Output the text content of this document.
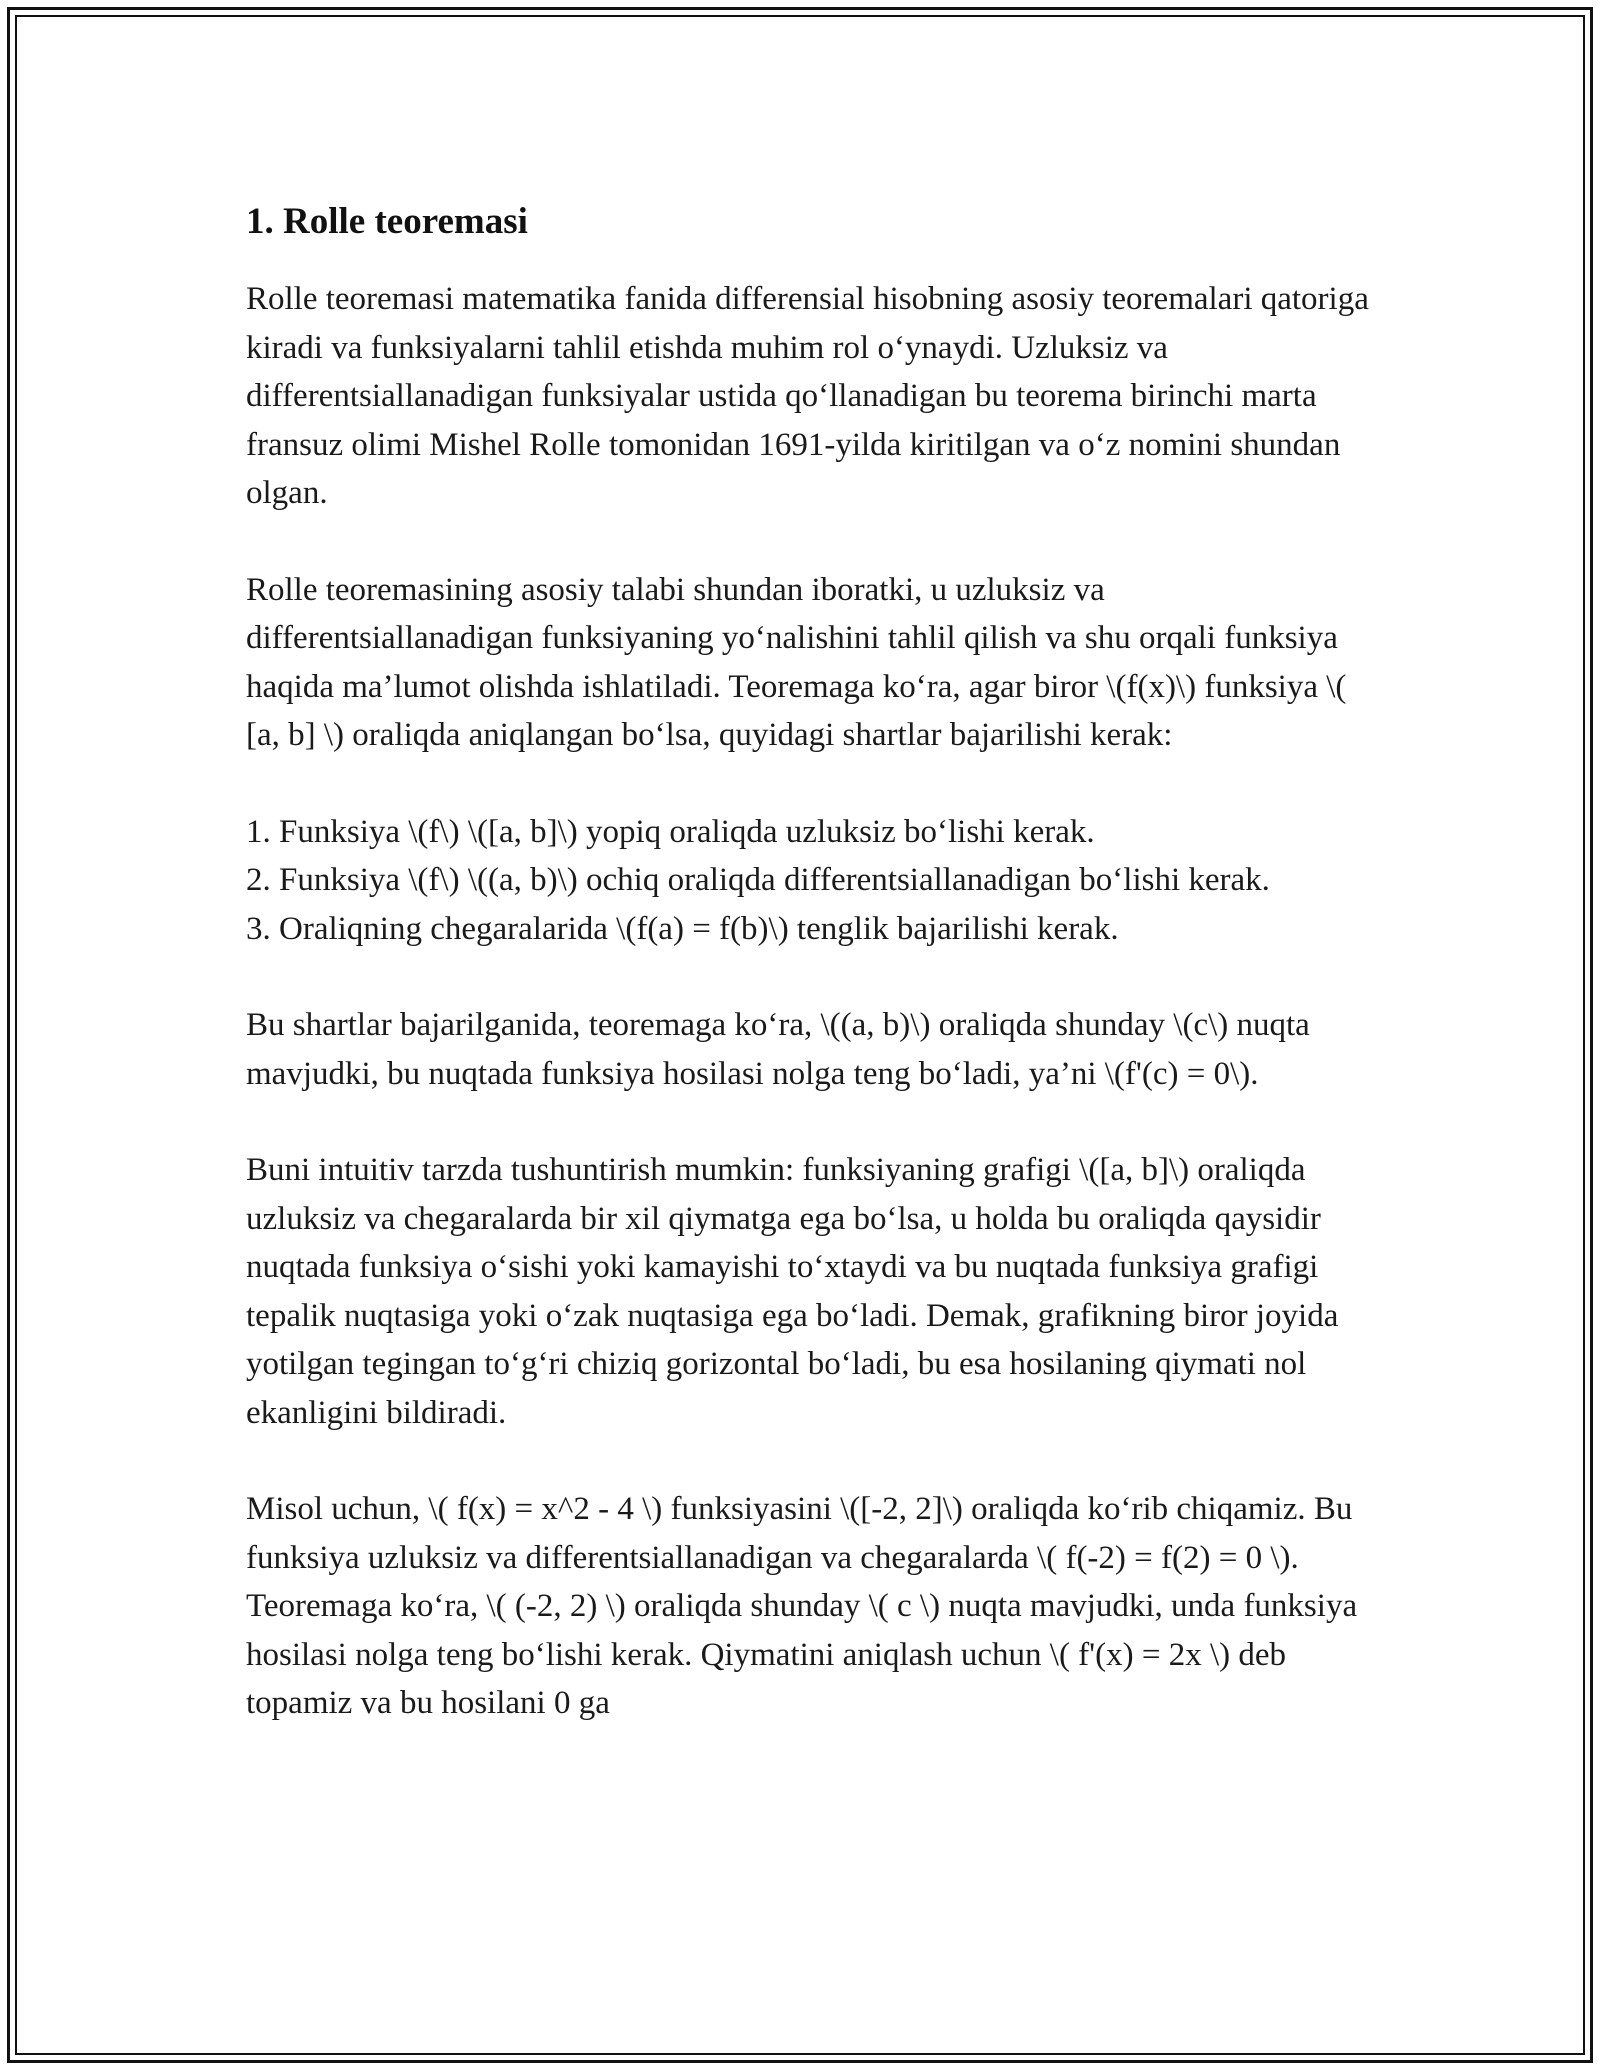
1. Rolle teoremasi

Rolle teoremasi matematika fanida differensial hisobning asosiy teoremalari qatoriga kiradi va funksiyalarni tahlil etishda muhim rol o‘ynaydi. Uzluksiz va differentsiallanadigan funksiyalar ustida qo‘llanadigan bu teorema birinchi marta fransuz olimi Mishel Rolle tomonidan 1691-yilda kiritilgan va o‘z nomini shundan olgan.

Rolle teoremasining asosiy talabi shundan iboratki, u uzluksiz va differentsiallanadigan funksiyaning yo‘nalishini tahlil qilish va shu orqali funksiya haqida ma’lumot olishda ishlatiladi. Teoremaga ko‘ra, agar biror \(f(x)\) funksiya \( [a, b] \) oraliqda aniqlangan bo‘lsa, quyidagi shartlar bajarilishi kerak:

1. Funksiya \(f\) \([a, b]\) yopiq oraliqda uzluksiz bo‘lishi kerak.
2. Funksiya \(f\) \((a, b)\) ochiq oraliqda differentsiallanadigan bo‘lishi kerak.
3. Oraliqning chegaralarida \(f(a) = f(b)\) tenglik bajarilishi kerak.

Bu shartlar bajarilganida, teoremaga ko‘ra, \((a, b)\) oraliqda shunday \(c\) nuqta mavjudki, bu nuqtada funksiya hosilasi nolga teng bo‘ladi, ya’ni \(f'(c) = 0\).

Buni intuitiv tarzda tushuntirish mumkin: funksiyaning grafigi \([a, b]\) oraliqda uzluksiz va chegaralarda bir xil qiymatga ega bo‘lsa, u holda bu oraliqda qaysidir nuqtada funksiya o‘sishi yoki kamayishi to‘xtaydi va bu nuqtada funksiya grafigi tepalik nuqtasiga yoki o‘zak nuqtasiga ega bo‘ladi. Demak, grafikning biror joyida yotilgan tegingan to‘g‘ri chiziq gorizontal bo‘ladi, bu esa hosilaning qiymati nol ekanligini bildiradi.

Misol uchun, \( f(x) = x^2 - 4 \) funksiyasini \([-2, 2]\) oraliqda ko‘rib chiqamiz. Bu funksiya uzluksiz va differentsiallanadigan va chegaralarda \( f(-2) = f(2) = 0 \). Teoremaga ko‘ra, \( (-2, 2) \) oraliqda shunday \( c \) nuqta mavjudki, unda funksiya hosilasi nolga teng bo‘lishi kerak. Qiymatini aniqlash uchun \( f'(x) = 2x \) deb topamiz va bu hosilani 0 ga
